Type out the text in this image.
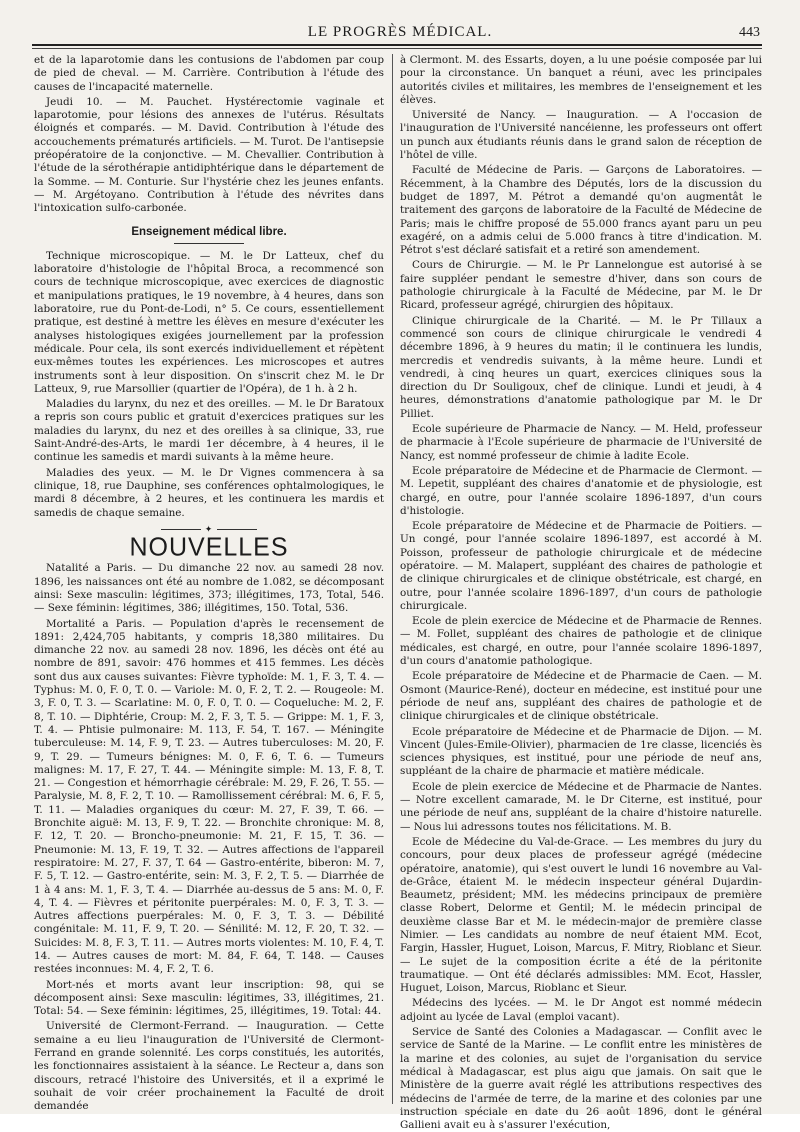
LE PROGRÈS MÉDICAL.	443

et de la laparotomie dans les contusions de l'abdomen par coup de pied de cheval. — M. Carrière. Contribution à l'étude des causes de l'incapacité maternelle.

Jeudi 10. — M. Pauchet. Hystérectomie vaginale et laparotomie, pour lésions des annexes de l'utérus. Résultats éloignés et comparés. — M. David. Contribution à l'étude des accouchements prématurés artificiels. — M. Turot. De l'antisepsie préopératoire de la conjonctive. — M. Chevallier. Contribution à l'étude de la sérothérapie antidiphtérique dans le département de la Somme. — M. Conturie. Sur l'hystérie chez les jeunes enfants. — M. Argétoyano. Contribution à l'étude des névrites dans l'intoxication sulfo-carbonée.

Enseignement médical libre.

Technique microscopique. — M. le Dr Latteux, chef du laboratoire d'histologie de l'hôpital Broca, a recommencé son cours de technique microscopique, avec exercices de diagnostic et manipulations pratiques, le 19 novembre, à 4 heures, dans son laboratoire, rue du Pont-de-Lodi, n° 5. Ce cours, essentiellement pratique, est destiné à mettre les élèves en mesure d'exécuter les analyses histologiques exigées journellement par la profession médicale. Pour cela, ils sont exercés individuellement et répètent eux-mêmes toutes les expériences. Les microscopes et autres instruments sont à leur disposition. On s'inscrit chez M. le Dr Latteux, 9, rue Marsollier (quartier de l'Opéra), de 1 h. à 2 h.

Maladies du larynx, du nez et des oreilles. — M. le Dr Baratoux a repris son cours public et gratuit d'exercices pratiques sur les maladies du larynx, du nez et des oreilles à sa clinique, 33, rue Saint-André-des-Arts, le mardi 1er décembre, à 4 heures, il le continue les samedis et mardi suivants à la même heure.

Maladies des yeux. — M. le Dr Vignes commencera à sa clinique, 18, rue Dauphine, ses conférences ophtalmologiques, le mardi 8 décembre, à 2 heures, et les continuera les mardis et samedis de chaque semaine.

✦
NOUVELLES

Natalité a Paris. — Du dimanche 22 nov. au samedi 28 nov. 1896, les naissances ont été au nombre de 1.082, se décomposant ainsi: Sexe masculin: légitimes, 373; illégitimes, 173, Total, 546. — Sexe féminin: légitimes, 386; illégitimes, 150. Total, 536.

Mortalité a Paris. — Population d'après le recensement de 1891: 2,424,705 habitants, y compris 18,380 militaires. Du dimanche 22 nov. au samedi 28 nov. 1896, les décès ont été au nombre de 891, savoir: 476 hommes et 415 femmes. Les décès sont dus aux causes suivantes: Fièvre typhoïde: M. 1, F. 3, T. 4. — Typhus: M. 0, F. 0, T. 0. — Variole: M. 0, F. 2, T. 2. — Rougeole: M. 3, F. 0, T. 3. — Scarlatine: M. 0, F. 0, T. 0. — Coqueluche: M. 2, F. 8, T. 10. — Diphtérie, Croup: M. 2, F. 3, T. 5. — Grippe: M. 1, F. 3, T. 4. — Phtisie pulmonaire: M. 113, F. 54, T. 167. — Méningite tuberculeuse: M. 14, F. 9, T. 23. — Autres tuberculoses: M. 20, F. 9, T. 29. — Tumeurs bénignes: M. 0, F. 6, T. 6. — Tumeurs malignes: M. 17, F. 27, T. 44. — Méningite simple: M. 13, F. 8, T. 21. — Congestion et hémorrhagie cérébrale: M. 29, F. 26, T. 55. — Paralysie, M. 8, F. 2, T. 10. — Ramollissement cérébral: M. 6, F. 5, T. 11. — Maladies organiques du cœur: M. 27, F. 39, T. 66. — Bronchite aiguë: M. 13, F. 9, T. 22. — Bronchite chronique: M. 8, F. 12, T. 20. — Broncho-pneumonie: M. 21, F. 15, T. 36. — Pneumonie: M. 13, F. 19, T. 32. — Autres affections de l'appareil respiratoire: M. 27, F. 37, T. 64 — Gastro-entérite, biberon: M. 7, F. 5, T. 12. — Gastro-entérite, sein: M. 3, F. 2, T. 5. — Diarrhée de 1 à 4 ans: M. 1, F. 3, T. 4. — Diarrhée au-dessus de 5 ans: M. 0, F. 4, T. 4. — Fièvres et péritonite puerpérales: M. 0, F. 3, T. 3. — Autres affections puerpérales: M. 0, F. 3, T. 3. — Débilité congénitale: M. 11, F. 9, T. 20. — Sénilité: M. 12, F. 20, T. 32. — Suicides: M. 8, F. 3, T. 11. — Autres morts violentes: M. 10, F. 4, T. 14. — Autres causes de mort: M. 84, F. 64, T. 148. — Causes restées inconnues: M. 4, F. 2, T. 6.

Mort-nés et morts avant leur inscription: 98, qui se décomposent ainsi: Sexe masculin: légitimes, 33, illégitimes, 21. Total: 54. — Sexe féminin: légitimes, 25, illégitimes, 19. Total: 44.

Université de Clermont-Ferrand. — Inauguration. — Cette semaine a eu lieu l'inauguration de l'Université de Clermont-Ferrand en grande solennité. Les corps constitués, les autorités, les fonctionnaires assistaient à la séance. Le Recteur a, dans son discours, retracé l'histoire des Universités, et il a exprimé le souhait de voir créer prochainement la Faculté de droit demandée

à Clermont. M. des Essarts, doyen, a lu une poésie composée par lui pour la circonstance. Un banquet a réuni, avec les principales autorités civiles et militaires, les membres de l'enseignement et les élèves.

Université de Nancy. — Inauguration. — A l'occasion de l'inauguration de l'Université nancéienne, les professeurs ont offert un punch aux étudiants réunis dans le grand salon de réception de l'hôtel de ville.

Faculté de Médecine de Paris. — Garçons de Laboratoires. — Récemment, à la Chambre des Députés, lors de la discussion du budget de 1897, M. Pétrot a demandé qu'on augmentât le traitement des garçons de laboratoire de la Faculté de Médecine de Paris; mais le chiffre proposé de 55.000 francs ayant paru un peu exagéré, on a admis celui de 5.000 francs à titre d'indication. M. Pétrot s'est déclaré satisfait et a retiré son amendement.

Cours de Chirurgie. — M. le Pr Lannelongue est autorisé à se faire suppléer pendant le semestre d'hiver, dans son cours de pathologie chirurgicale à la Faculté de Médecine, par M. le Dr Ricard, professeur agrégé, chirurgien des hôpitaux.

Clinique chirurgicale de la Charité. — M. le Pr Tillaux a commencé son cours de clinique chirurgicale le vendredi 4 décembre 1896, à 9 heures du matin; il le continuera les lundis, mercredis et vendredis suivants, à la même heure. Lundi et vendredi, à cinq heures un quart, exercices cliniques sous la direction du Dr Souligoux, chef de clinique. Lundi et jeudi, à 4 heures, démonstrations d'anatomie pathologique par M. le Dr Pilliet.

Ecole supérieure de Pharmacie de Nancy. — M. Held, professeur de pharmacie à l'Ecole supérieure de pharmacie de l'Université de Nancy, est nommé professeur de chimie à ladite Ecole.

Ecole préparatoire de Médecine et de Pharmacie de Clermont. — M. Lepetit, suppléant des chaires d'anatomie et de physiologie, est chargé, en outre, pour l'année scolaire 1896-1897, d'un cours d'histologie.

Ecole préparatoire de Médecine et de Pharmacie de Poitiers. — Un congé, pour l'année scolaire 1896-1897, est accordé à M. Poisson, professeur de pathologie chirurgicale et de médecine opératoire. — M. Malapert, suppléant des chaires de pathologie et de clinique chirurgicales et de clinique obstétricale, est chargé, en outre, pour l'année scolaire 1896-1897, d'un cours de pathologie chirurgicale.

Ecole de plein exercice de Médecine et de Pharmacie de Rennes. — M. Follet, suppléant des chaires de pathologie et de clinique médicales, est chargé, en outre, pour l'année scolaire 1896-1897, d'un cours d'anatomie pathologique.

Ecole préparatoire de Médecine et de Pharmacie de Caen. — M. Osmont (Maurice-René), docteur en médecine, est institué pour une période de neuf ans, suppléant des chaires de pathologie et de clinique chirurgicales et de clinique obstétricale.

Ecole préparatoire de Médecine et de Pharmacie de Dijon. — M. Vincent (Jules-Emile-Olivier), pharmacien de 1re classe, licenciés ès sciences physiques, est institué, pour une période de neuf ans, suppléant de la chaire de pharmacie et matière médicale.

Ecole de plein exercice de Médecine et de Pharmacie de Nantes. — Notre excellent camarade, M. le Dr Citerne, est institué, pour une période de neuf ans, suppléant de la chaire d'histoire naturelle. — Nous lui adressons toutes nos félicitations. M. B.

Ecole de Médecine du Val-de-Grace. — Les membres du jury du concours, pour deux places de professeur agrégé (médecine opératoire, anatomie), qui s'est ouvert le lundi 16 novembre au Val-de-Grâce, étaient M. le médecin inspecteur général Dujardin-Beaumetz, président; MM. les médecins principaux de première classe Robert, Delorme et Gentil; M. le médecin principal de deuxième classe Bar et M. le médecin-major de première classe Nimier. — Les candidats au nombre de neuf étaient MM. Ecot, Fargin, Hassler, Huguet, Loison, Marcus, F. Mitry, Rioblanc et Sieur. — Le sujet de la composition écrite a été de la péritonite traumatique. — Ont été déclarés admissibles: MM. Ecot, Hassler, Huguet, Loison, Marcus, Rioblanc et Sieur.

Médecins des lycées. — M. le Dr Angot est nommé médecin adjoint au lycée de Laval (emploi vacant).

Service de Santé des Colonies a Madagascar. — Conflit avec le service de Santé de la Marine. — Le conflit entre les ministères de la marine et des colonies, au sujet de l'organisation du service médical à Madagascar, est plus aigu que jamais. On sait que le Ministère de la guerre avait réglé les attributions respectives des médecins de l'armée de terre, de la marine et des colonies par une instruction spéciale en date du 26 août 1896, dont le général Gallieni avait eu à s'assurer l'exécution,
